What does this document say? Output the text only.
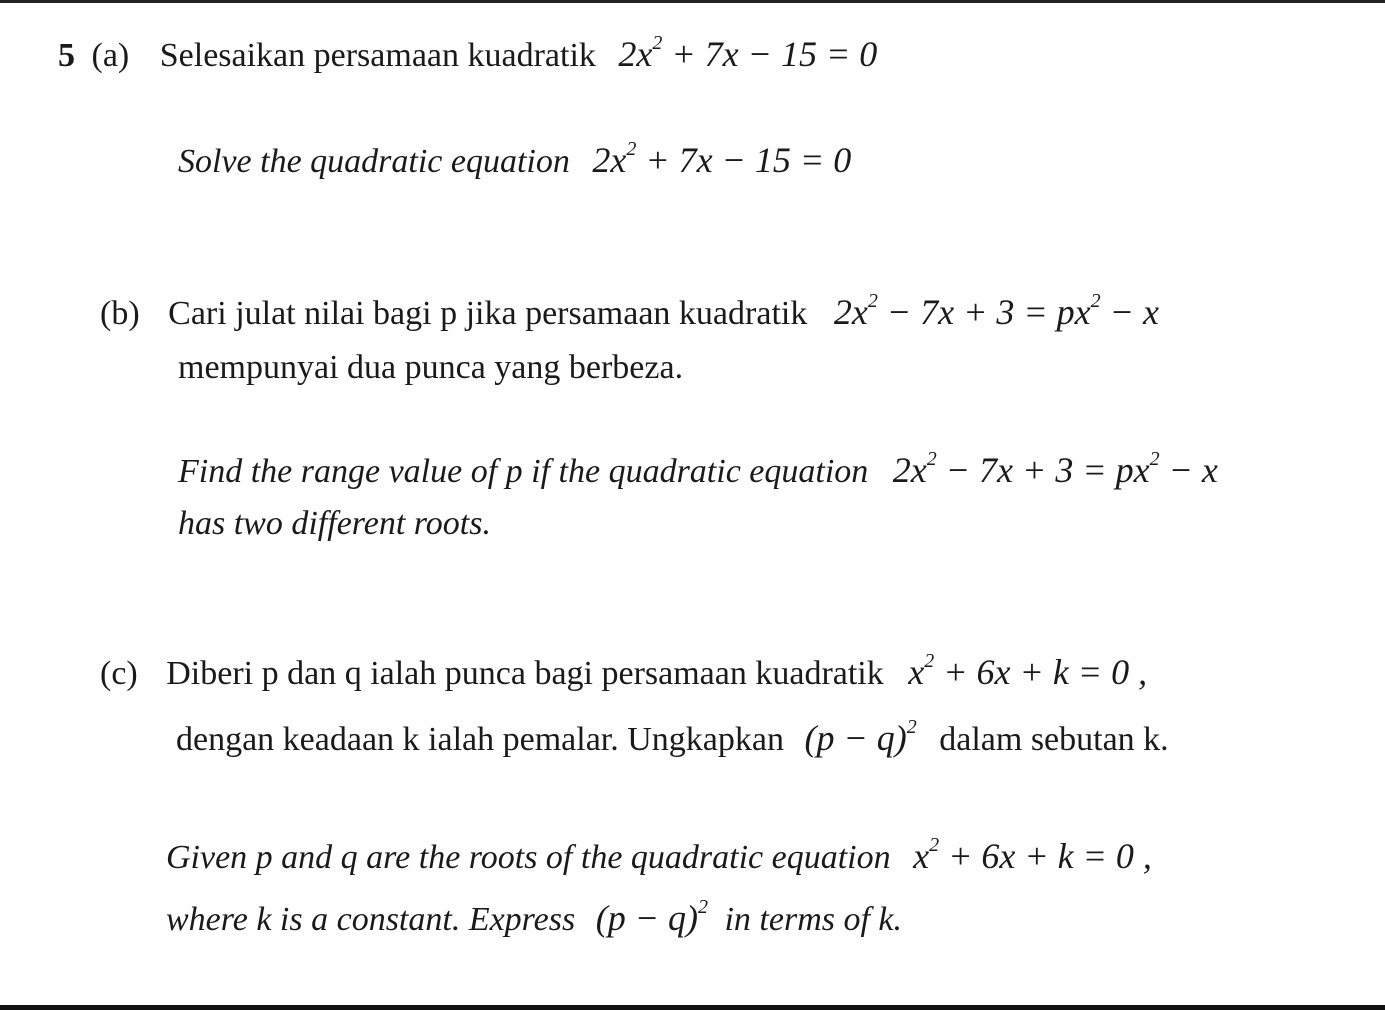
5 (a) Selesaikan persamaan kuadratik $2x^2 + 7x - 15 = 0$
Solve the quadratic equation $2x^2 + 7x - 15 = 0$
(b) Cari julat nilai bagi p jika persamaan kuadratik $2x^2 - 7x + 3 = px^2 - x$
mempunyai dua punca yang berbeza.
Find the range value of p if the quadratic equation $2x^2 - 7x + 3 = px^2 - x$
has two different roots.
(c) Diberi p dan q ialah punca bagi persamaan kuadratik $x^2 + 6x + k = 0$ ,
dengan keadaan k ialah pemalar. Ungkapkan $(p - q)^2$ dalam sebutan k.
Given p and q are the roots of the quadratic equation $x^2 + 6x + k = 0$ ,
where k is a constant. Express $(p - q)^2$ in terms of k.
